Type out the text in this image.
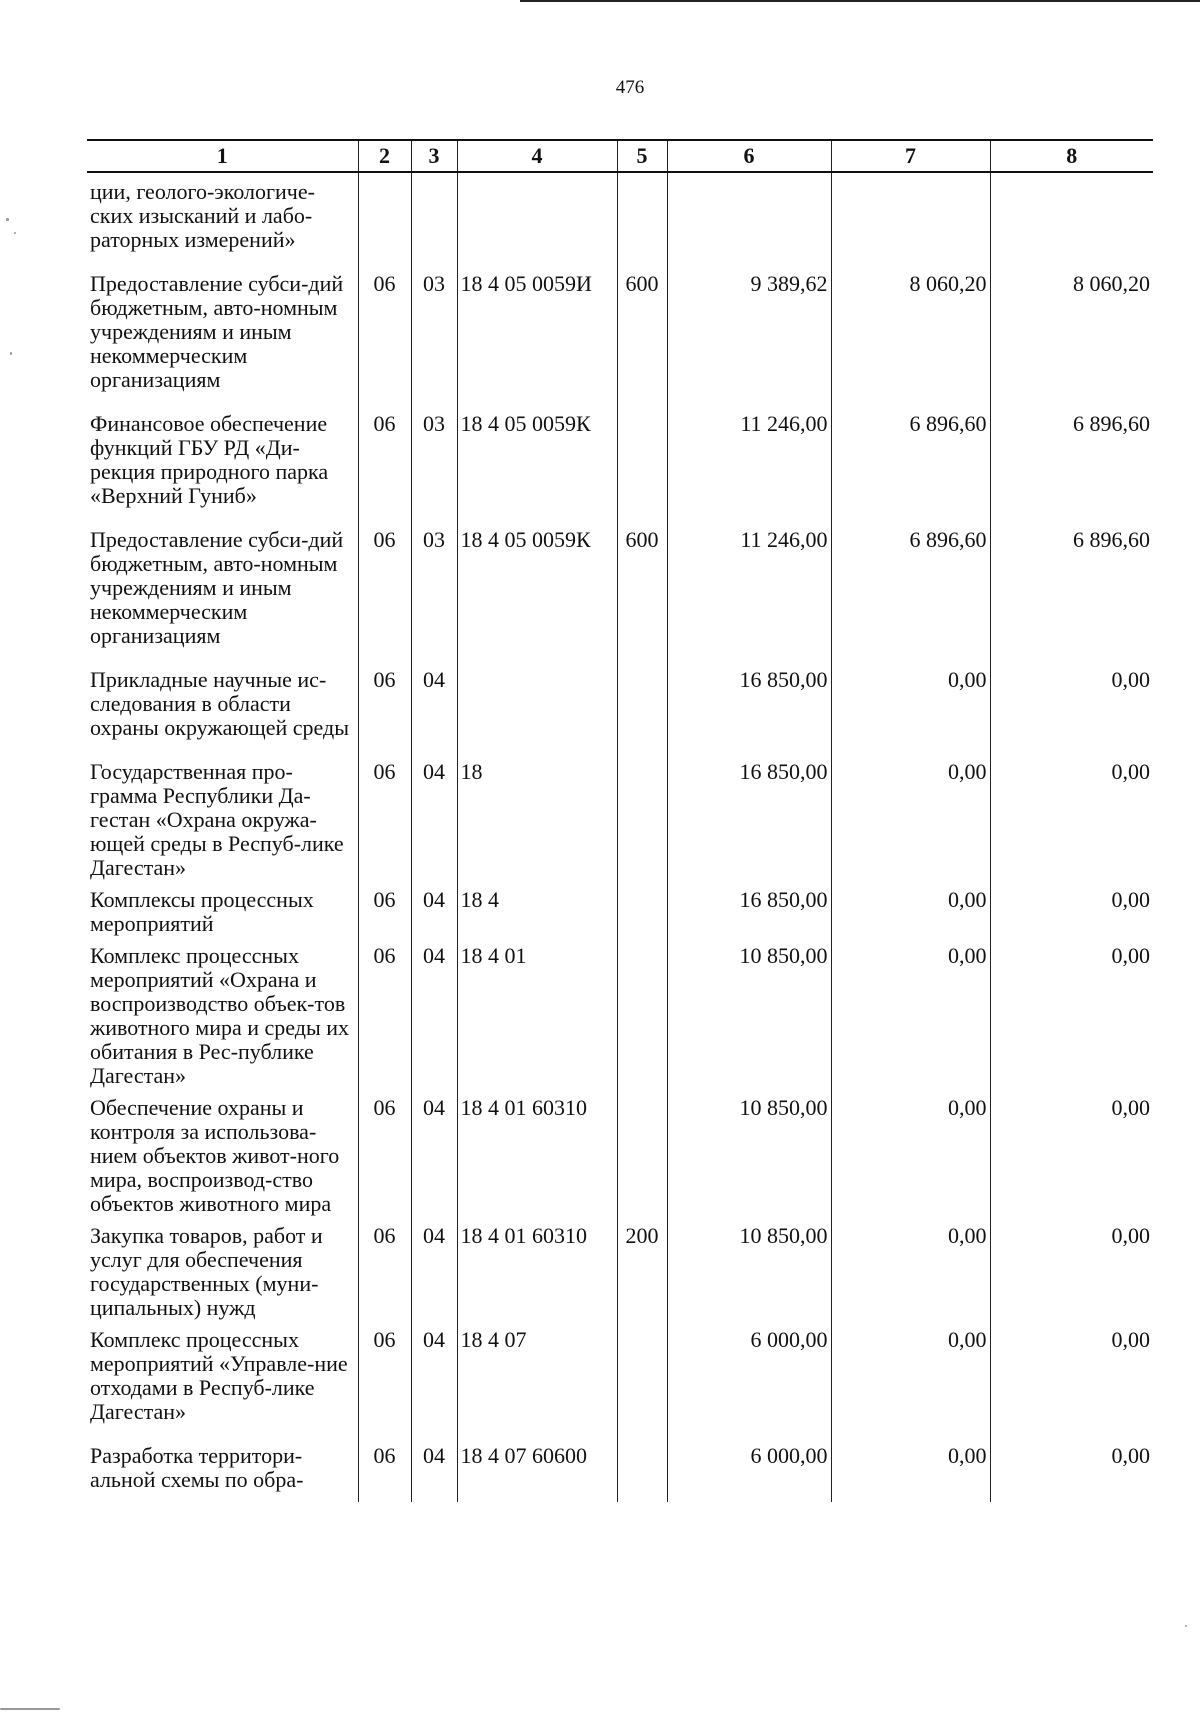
476
1	2	3	4	5	6	7	8
ции, геолого-экологиче-ских изысканий и лабо-раторных измерений»							
Предоставление субси-дий бюджетным, авто-номным учреждениям и иным некоммерческим организациям	06	03	18 4 05 0059И	600	9 389,62	8 060,20	8 060,20
Финансовое обеспечение функций ГБУ РД «Ди-рекция природного парка «Верхний Гуниб»	06	03	18 4 05 0059К		11 246,00	6 896,60	6 896,60
Предоставление субси-дий бюджетным, авто-номным учреждениям и иным некоммерческим организациям	06	03	18 4 05 0059К	600	11 246,00	6 896,60	6 896,60
Прикладные научные ис-следования в области охраны окружающей среды	06	04			16 850,00	0,00	0,00
Государственная про-грамма Республики Да-гестан «Охрана окружа-ющей среды в Респуб-лике Дагестан»	06	04	18		16 850,00	0,00	0,00
Комплексы процессных мероприятий	06	04	18 4		16 850,00	0,00	0,00
Комплекс процессных мероприятий «Охрана и воспроизводство объек-тов животного мира и среды их обитания в Рес-публике Дагестан»	06	04	18 4 01		10 850,00	0,00	0,00
Обеспечение охраны и контроля за использова-нием объектов живот-ного мира, воспроизвод-ство объектов животного мира	06	04	18 4 01 60310		10 850,00	0,00	0,00
Закупка товаров, работ и услуг для обеспечения государственных (муни-ципальных) нужд	06	04	18 4 01 60310	200	10 850,00	0,00	0,00
Комплекс процессных мероприятий «Управле-ние отходами в Респуб-лике Дагестан»	06	04	18 4 07		6 000,00	0,00	0,00
Разработка территори-альной схемы по обра-	06	04	18 4 07 60600		6 000,00	0,00	0,00
